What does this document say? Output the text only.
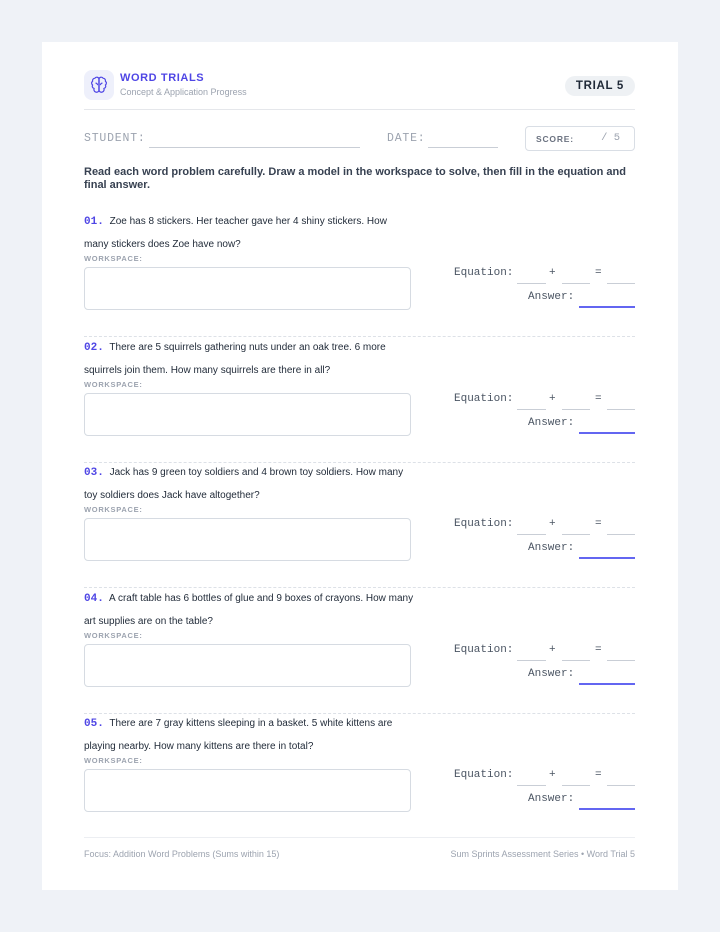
WORD TRIALS
Concept & Application Progress	TRIAL 5
STUDENT:	DATE:	SCORE:	/ 5
Read each word problem carefully. Draw a model in the workspace to solve, then fill in the equation and final answer.
01. Zoe has 8 stickers. Her teacher gave her 4 shiny stickers. How many stickers does Zoe have now?
WORKSPACE:
Equation:	+	=
Answer:
02. There are 5 squirrels gathering nuts under an oak tree. 6 more squirrels join them. How many squirrels are there in all?
WORKSPACE:
Equation:	+	=
Answer:
03. Jack has 9 green toy soldiers and 4 brown toy soldiers. How many toy soldiers does Jack have altogether?
WORKSPACE:
Equation:	+	=
Answer:
04. A craft table has 6 bottles of glue and 9 boxes of crayons. How many art supplies are on the table?
WORKSPACE:
Equation:	+	=
Answer:
05. There are 7 gray kittens sleeping in a basket. 5 white kittens are playing nearby. How many kittens are there in total?
WORKSPACE:
Equation:	+	=
Answer:
Focus: Addition Word Problems (Sums within 15)	Sum Sprints Assessment Series • Word Trial 5
